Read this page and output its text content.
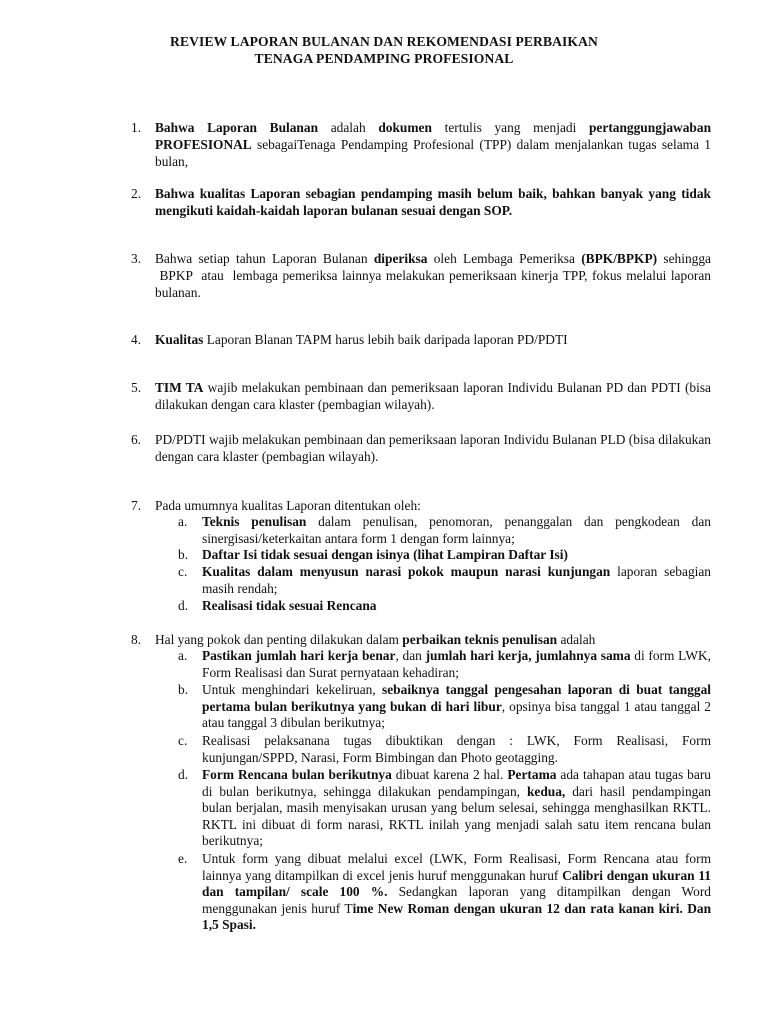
REVIEW LAPORAN BULANAN DAN REKOMENDASI PERBAIKAN
TENAGA PENDAMPING PROFESIONAL
1.	Bahwa Laporan Bulanan adalah dokumen tertulis yang menjadi pertanggungjawaban PROFESIONAL sebagaiTenaga Pendamping Profesional (TPP) dalam menjalankan tugas selama 1 bulan,
2.	Bahwa kualitas Laporan sebagian pendamping masih belum baik, bahkan banyak yang tidak mengikuti kaidah-kaidah laporan bulanan sesuai dengan SOP.
3.	Bahwa setiap tahun Laporan Bulanan diperiksa oleh Lembaga Pemeriksa (BPK/BPKP) sehingga  BPKP  atau  lembaga pemeriksa lainnya melakukan pemeriksaan kinerja TPP, fokus melalui laporan bulanan.
4.	Kualitas Laporan Blanan TAPM harus lebih baik daripada laporan PD/PDTI
5.	TIM TA wajib melakukan pembinaan dan pemeriksaan laporan Individu Bulanan PD dan PDTI (bisa dilakukan dengan cara klaster (pembagian wilayah).
6.	PD/PDTI wajib melakukan pembinaan dan pemeriksaan laporan Individu Bulanan PLD (bisa dilakukan dengan cara klaster (pembagian wilayah).
7.	Pada umumnya kualitas Laporan ditentukan oleh:
a.	Teknis penulisan dalam penulisan, penomoran, penanggalan dan pengkodean dan sinergisasi/keterkaitan antara form 1 dengan form lainnya;
b.	Daftar Isi tidak sesuai dengan isinya (lihat Lampiran Daftar Isi)
c.	Kualitas dalam menyusun narasi pokok maupun narasi kunjungan laporan sebagian masih rendah;
d.	Realisasi tidak sesuai Rencana
8.	Hal yang pokok dan penting dilakukan dalam perbaikan teknis penulisan adalah
a.	Pastikan jumlah hari kerja benar, dan jumlah hari kerja, jumlahnya sama di form LWK, Form Realisasi dan Surat pernyataan kehadiran;
b.	Untuk menghindari kekeliruan, sebaiknya tanggal pengesahan laporan di buat tanggal pertama bulan berikutnya yang bukan di hari libur, opsinya bisa tanggal 1 atau tanggal 2 atau tanggal 3 dibulan berikutnya;
c.	Realisasi pelaksanana tugas dibuktikan dengan : LWK, Form Realisasi, Form kunjungan/SPPD, Narasi, Form Bimbingan dan Photo geotagging.
d.	Form Rencana bulan berikutnya dibuat karena 2 hal. Pertama ada tahapan atau tugas baru di bulan berikutnya, sehingga dilakukan pendampingan, kedua, dari hasil pendampingan bulan berjalan, masih menyisakan urusan yang belum selesai, sehingga menghasilkan RKTL. RKTL ini dibuat di form narasi, RKTL inilah yang menjadi salah satu item rencana bulan berikutnya;
e.	Untuk form yang dibuat melalui excel (LWK, Form Realisasi, Form Rencana atau form lainnya yang ditampilkan di excel jenis huruf menggunakan huruf Calibri dengan ukuran 11 dan tampilan/ scale 100 %. Sedangkan laporan yang ditampilkan dengan Word menggunakan jenis huruf Time New Roman dengan ukuran 12 dan rata kanan kiri. Dan 1,5 Spasi.
